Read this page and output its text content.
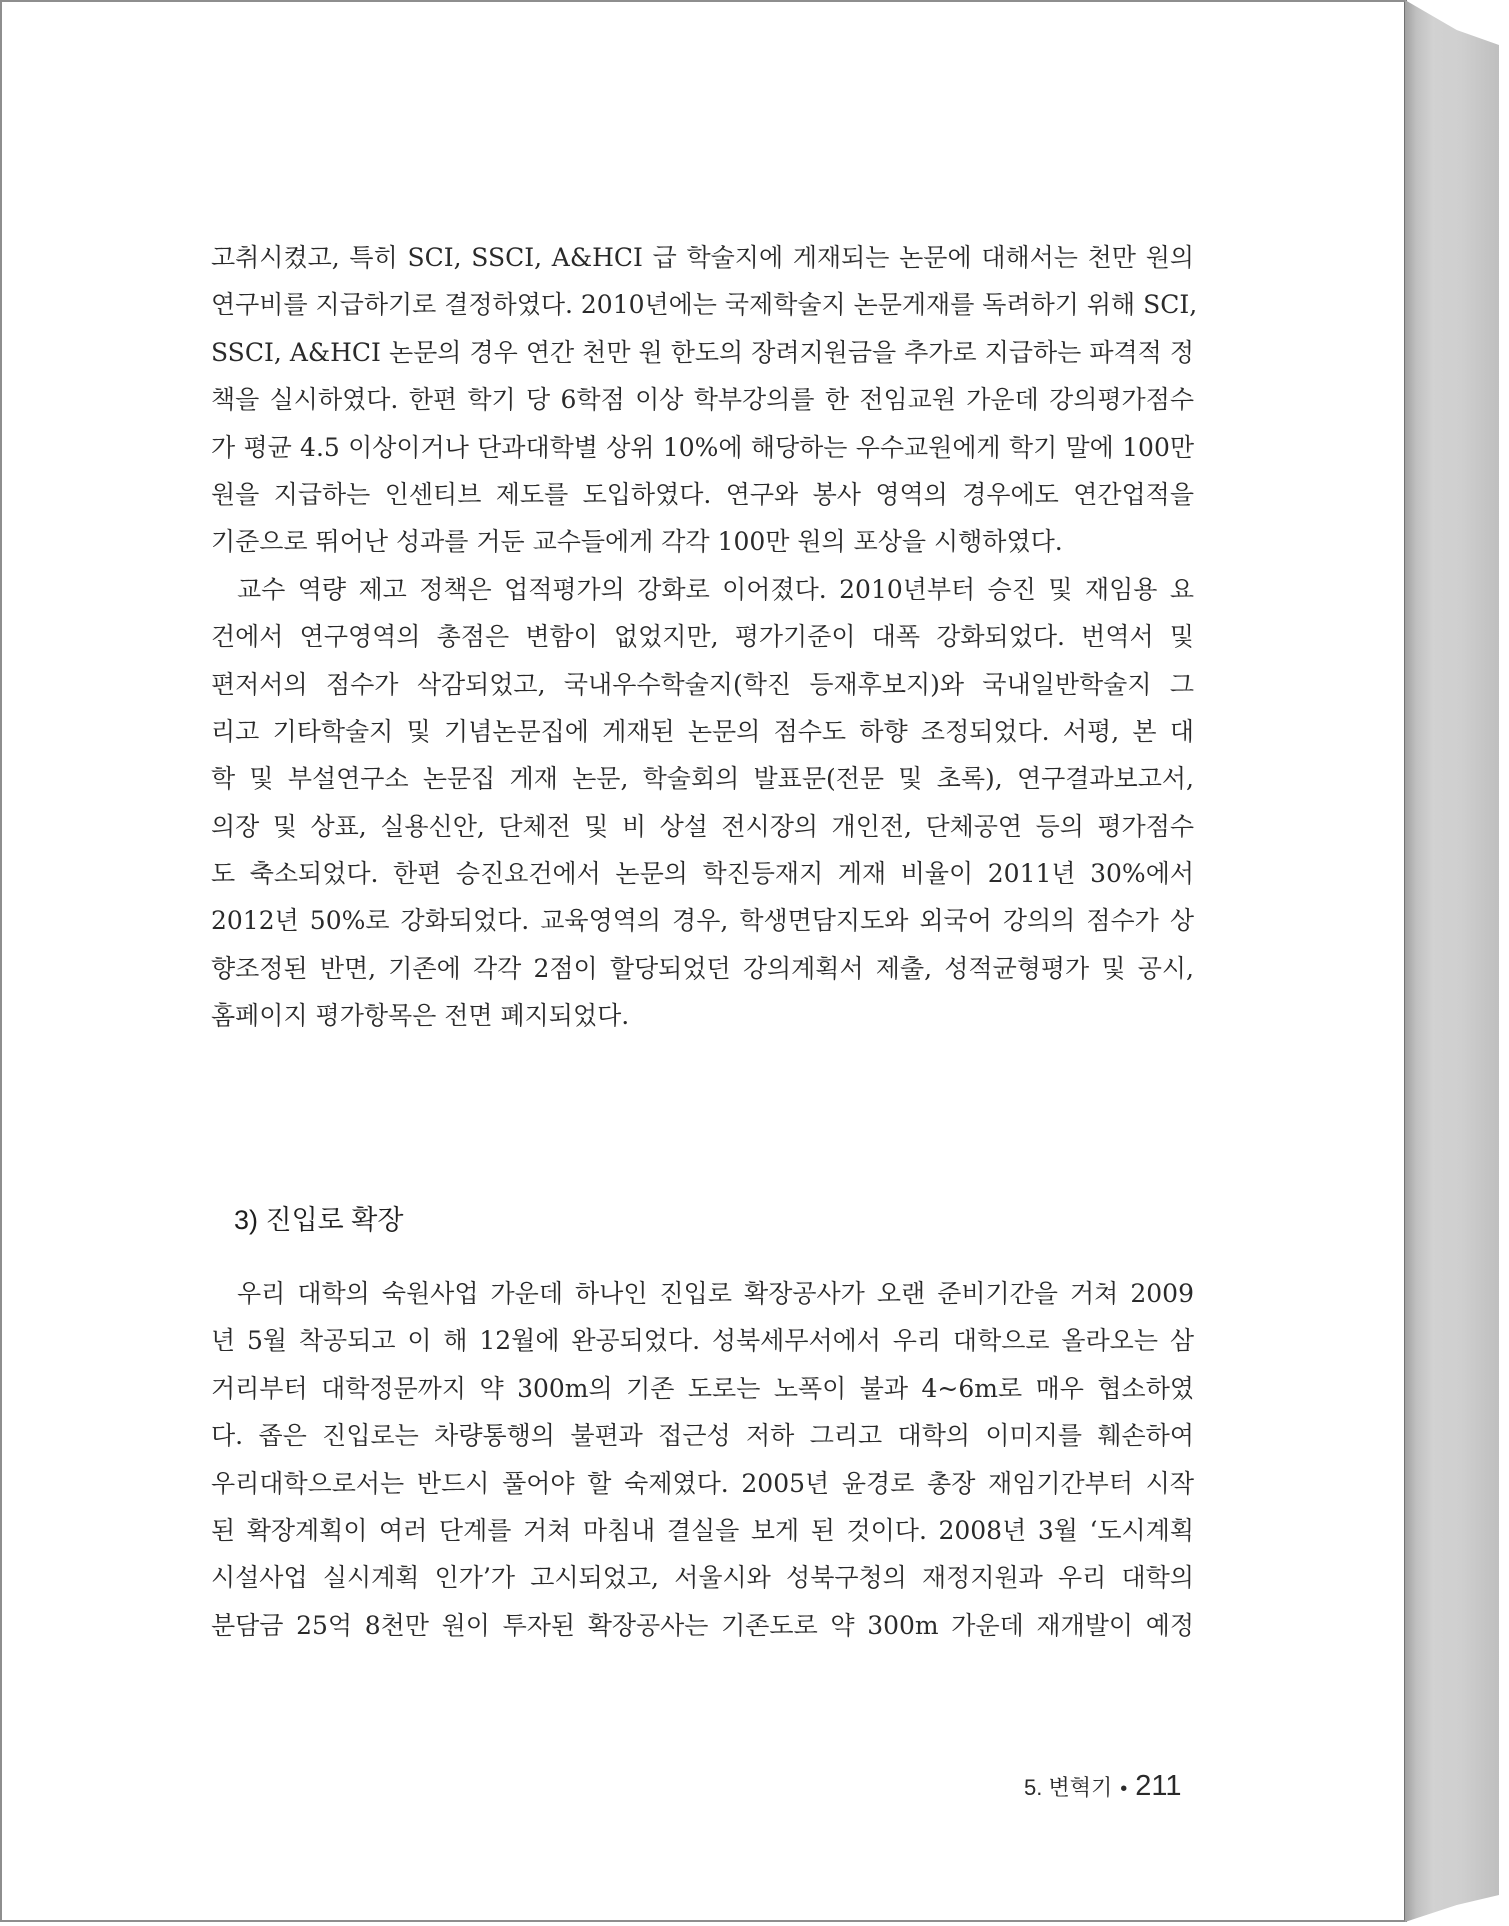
고취시켰고, 특히 SCI, SSCI, A&HCI 급 학술지에 게재되는 논문에 대해서는 천만 원의
연구비를 지급하기로 결정하였다. 2010년에는 국제학술지 논문게재를 독려하기 위해 SCI,
SSCI, A&HCI 논문의 경우 연간 천만 원 한도의 장려지원금을 추가로 지급하는 파격적 정
책을 실시하였다. 한편 학기 당 6학점 이상 학부강의를 한 전임교원 가운데 강의평가점수
가 평균 4.5 이상이거나 단과대학별 상위 10%에 해당하는 우수교원에게 학기 말에 100만
원을 지급하는 인센티브 제도를 도입하였다. 연구와 봉사 영역의 경우에도 연간업적을
기준으로 뛰어난 성과를 거둔 교수들에게 각각 100만 원의 포상을 시행하였다.
교수 역량 제고 정책은 업적평가의 강화로 이어졌다. 2010년부터 승진 및 재임용 요
건에서 연구영역의 총점은 변함이 없었지만, 평가기준이 대폭 강화되었다. 번역서 및
편저서의 점수가 삭감되었고, 국내우수학술지(학진 등재후보지)와 국내일반학술지 그
리고 기타학술지 및 기념논문집에 게재된 논문의 점수도 하향 조정되었다. 서평, 본 대
학 및 부설연구소 논문집 게재 논문, 학술회의 발표문(전문 및 초록), 연구결과보고서,
의장 및 상표, 실용신안, 단체전 및 비 상설 전시장의 개인전, 단체공연 등의 평가점수
도 축소되었다. 한편 승진요건에서 논문의 학진등재지 게재 비율이 2011년 30%에서
2012년 50%로 강화되었다. 교육영역의 경우, 학생면담지도와 외국어 강의의 점수가 상
향조정된 반면, 기존에 각각 2점이 할당되었던 강의계획서 제출, 성적균형평가 및 공시,
홈페이지 평가항목은 전면 폐지되었다.
3) 진입로 확장
우리 대학의 숙원사업 가운데 하나인 진입로 확장공사가 오랜 준비기간을 거쳐 2009
년 5월 착공되고 이 해 12월에 완공되었다. 성북세무서에서 우리 대학으로 올라오는 삼
거리부터 대학정문까지 약 300m의 기존 도로는 노폭이 불과 4~6m로 매우 협소하였
다. 좁은 진입로는 차량통행의 불편과 접근성 저하 그리고 대학의 이미지를 훼손하여
우리대학으로서는 반드시 풀어야 할 숙제였다. 2005년 윤경로 총장 재임기간부터 시작
된 확장계획이 여러 단계를 거쳐 마침내 결실을 보게 된 것이다. 2008년 3월 ‘도시계획
시설사업 실시계획 인가’가 고시되었고, 서울시와 성북구청의 재정지원과 우리 대학의
분담금 25억 8천만 원이 투자된 확장공사는 기존도로 약 300m 가운데 재개발이 예정
5. 변혁기 • 211
